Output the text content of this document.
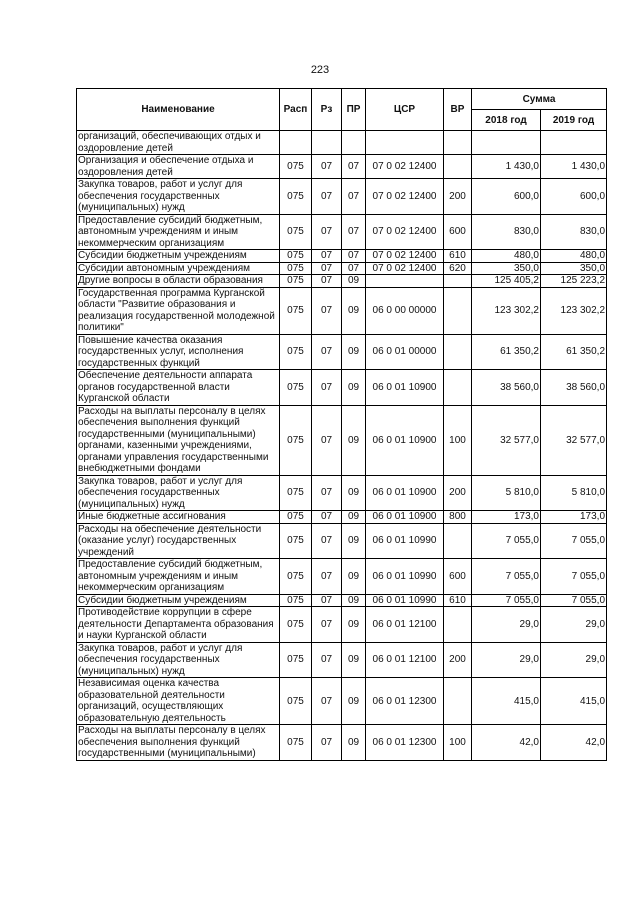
223
Наименование	Расп	Рз	ПР	ЦСР	ВР	Сумма	
						2018 год	2019 год
организаций, обеспечивающих отдых и оздоровление детей							
Организация и обеспечение отдыха и оздоровления детей	075	07	07	07 0 02 12400		1 430,0	1 430,0
Закупка товаров, работ и услуг для обеспечения государственных (муниципальных) нужд	075	07	07	07 0 02 12400	200	600,0	600,0
Предоставление субсидий бюджетным, автономным учреждениям и иным некоммерческим организациям	075	07	07	07 0 02 12400	600	830,0	830,0
Субсидии бюджетным учреждениям	075	07	07	07 0 02 12400	610	480,0	480,0
Субсидии автономным учреждениям	075	07	07	07 0 02 12400	620	350,0	350,0
Другие вопросы в области образования	075	07	09			125 405,2	125 223,2
Государственная программа Курганской области "Развитие образования и реализация государственной молодежной политики"	075	07	09	06 0 00 00000		123 302,2	123 302,2
Повышение качества оказания государственных услуг, исполнения государственных функций	075	07	09	06 0 01 00000		61 350,2	61 350,2
Обеспечение деятельности аппарата органов государственной власти Курганской области	075	07	09	06 0 01 10900		38 560,0	38 560,0
Расходы на выплаты персоналу в целях обеспечения выполнения функций государственными (муниципальными) органами, казенными учреждениями, органами управления государственными внебюджетными фондами	075	07	09	06 0 01 10900	100	32 577,0	32 577,0
Закупка товаров, работ и услуг для обеспечения государственных (муниципальных) нужд	075	07	09	06 0 01 10900	200	5 810,0	5 810,0
Иные бюджетные ассигнования	075	07	09	06 0 01 10900	800	173,0	173,0
Расходы на обеспечение деятельности (оказание услуг) государственных учреждений	075	07	09	06 0 01 10990		7 055,0	7 055,0
Предоставление субсидий бюджетным, автономным учреждениям и иным некоммерческим организациям	075	07	09	06 0 01 10990	600	7 055,0	7 055,0
Субсидии бюджетным учреждениям	075	07	09	06 0 01 10990	610	7 055,0	7 055,0
Противодействие коррупции в сфере деятельности Департамента образования и науки Курганской области	075	07	09	06 0 01 12100		29,0	29,0
Закупка товаров, работ и услуг для обеспечения государственных (муниципальных) нужд	075	07	09	06 0 01 12100	200	29,0	29,0
Независимая оценка качества образовательной деятельности организаций, осуществляющих образовательную деятельность	075	07	09	06 0 01 12300		415,0	415,0
Расходы на выплаты персоналу в целях обеспечения выполнения функций государственными (муниципальными)	075	07	09	06 0 01 12300	100	42,0	42,0
